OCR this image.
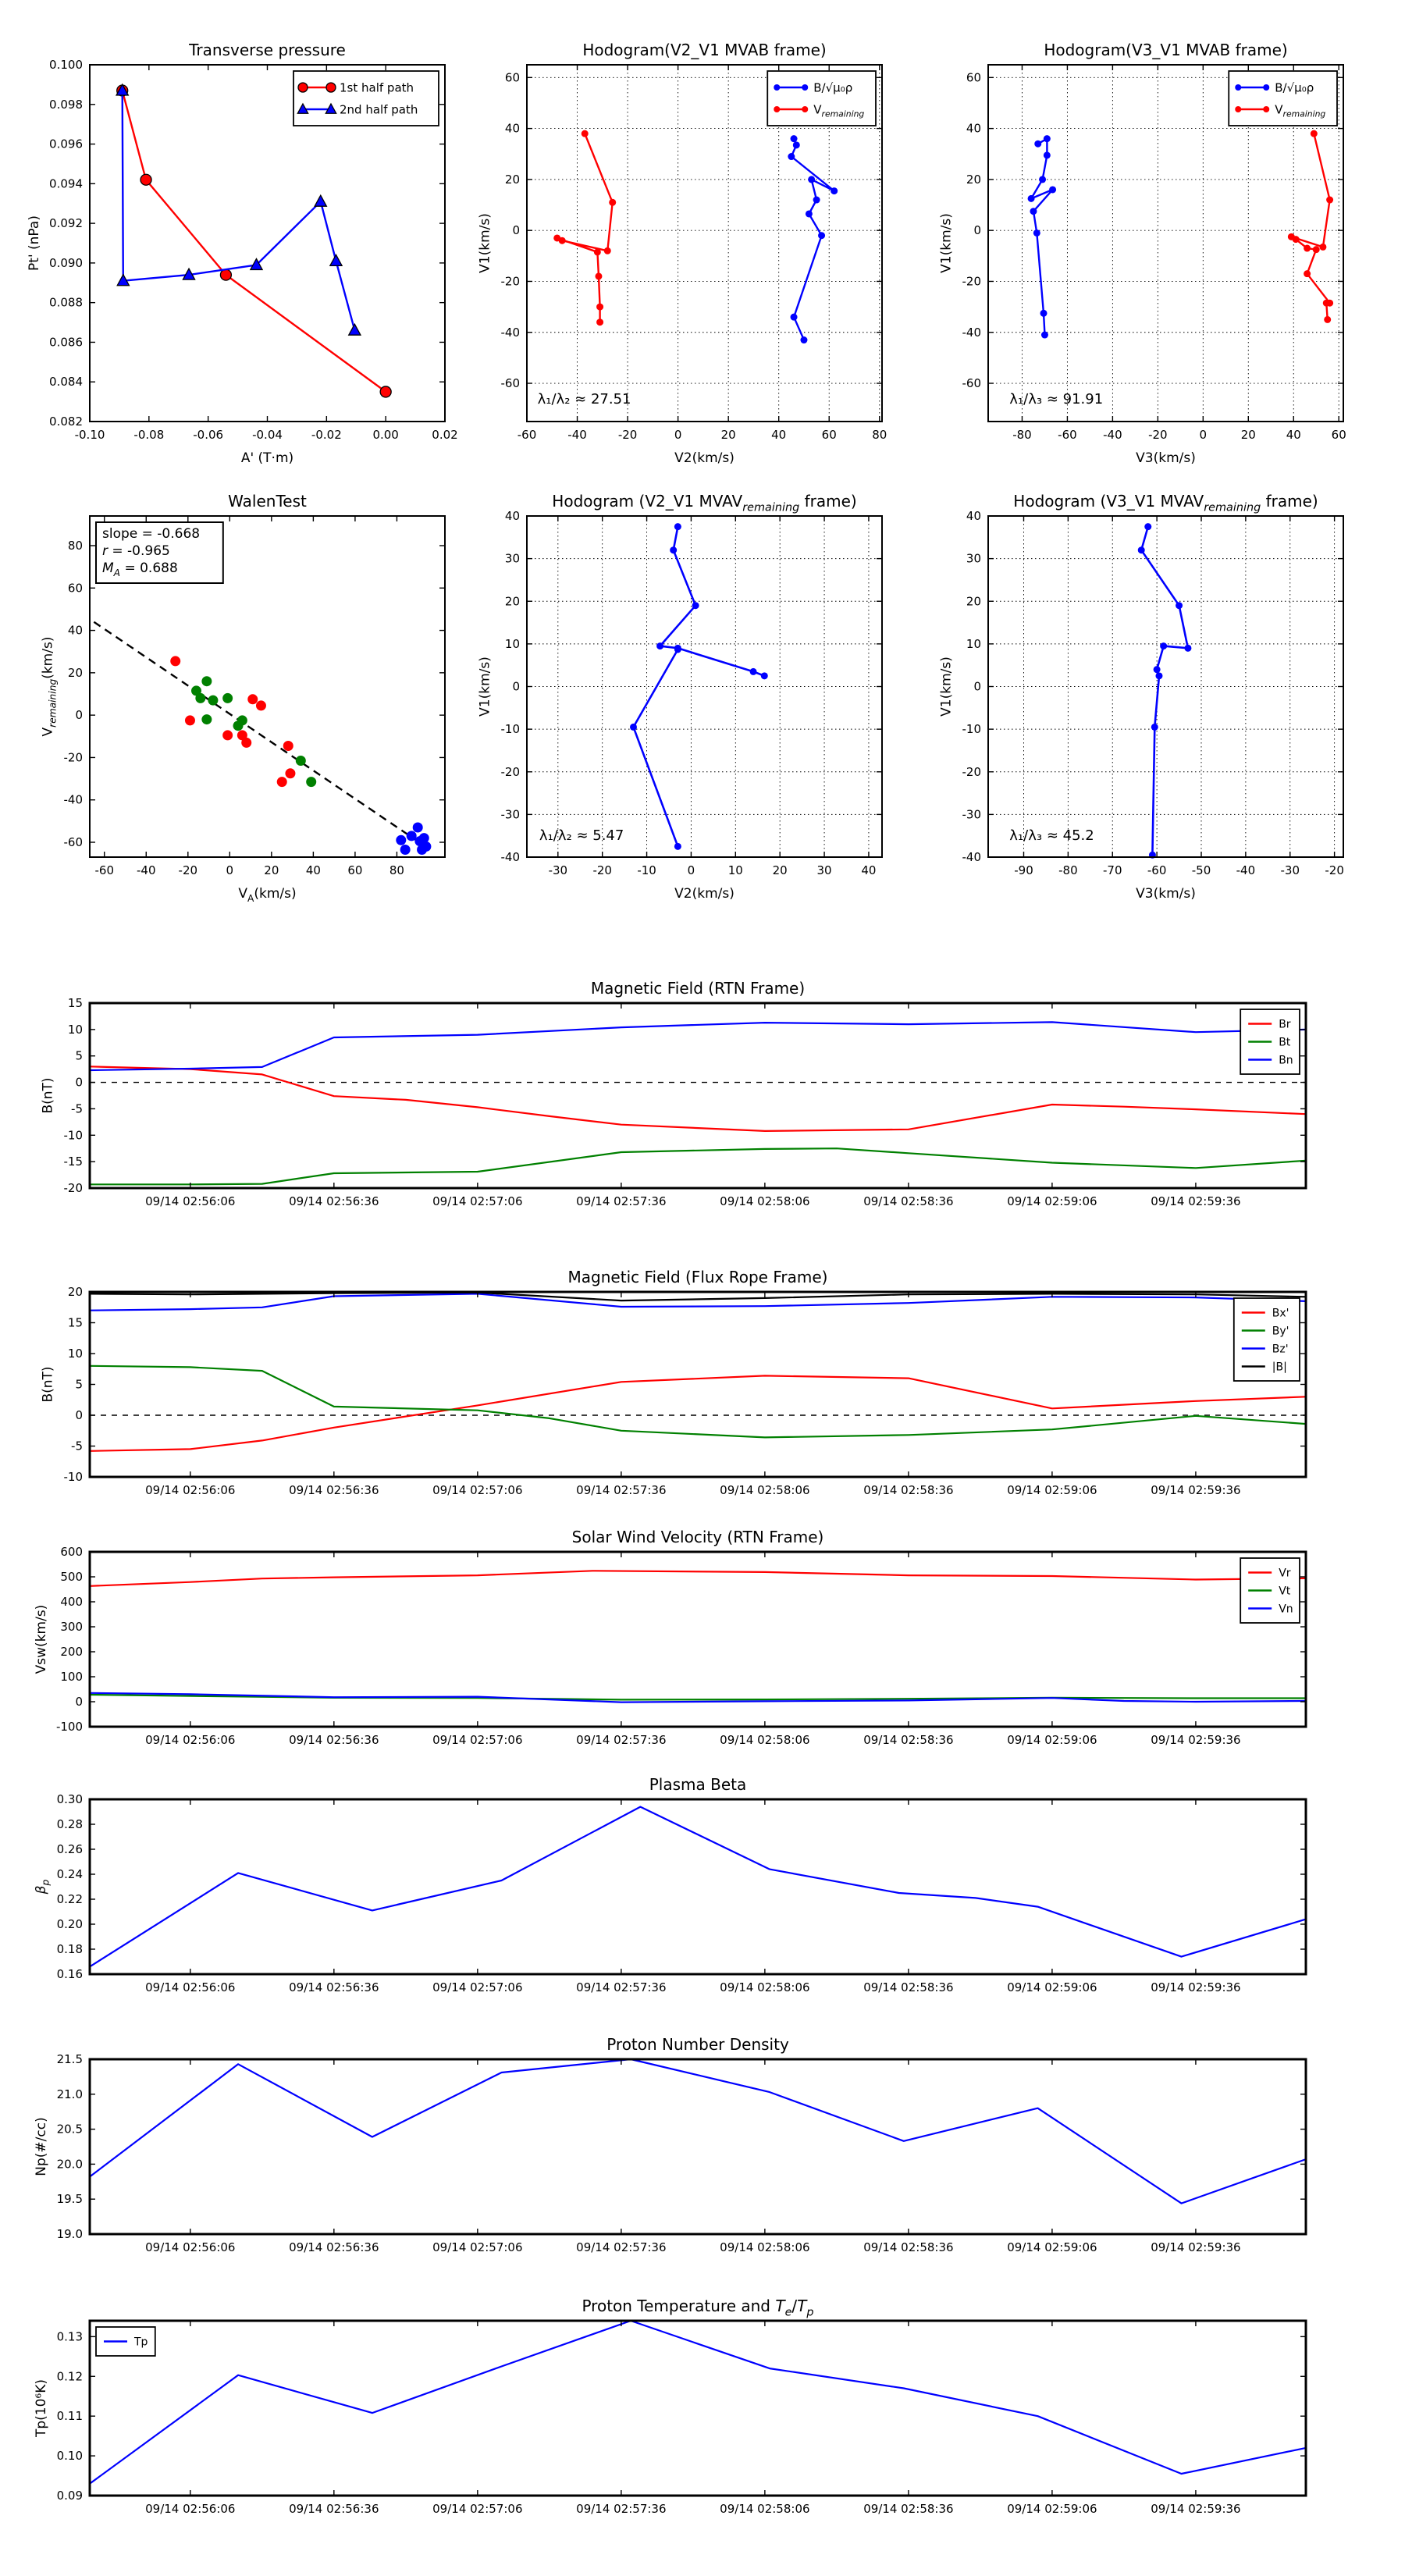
-0.10 -0.08 -0.06 -0.04 -0.02	0.00	0.02
0.100
0.098
0.096
0.094
0.092
0.090
0.088
0.086
0.084
0.082
Transverse pressure
A' (T·m)
Pt' (nPa)
1st half path
2nd half path
-60	-40	-20	0	20	40	60	80
-60
-40
-20
0
20
40
60
Hodogram(V2_V1 MVAB frame)
V2(km/s)
V1(km/s)
λ₁/λ₂ ≈ 27.51
B/√μ₀ρ
$V_{remaining}$
-80 -60 -40 -20	0	20	40	60
-60
-40
-20
0
20
40
60
Hodogram(V3_V1 MVAB frame)
V3(km/s)
V1(km/s)
λ₁/λ₃ ≈ 91.91
B/√μ₀ρ
$V_{remaining}$
-60 -40 -20 0	20 40 60 80
-60
-40
-20
0
20
40
60
80
WalenTest
$V_A(km/s)$
$V_{remaining}(km/s)$
slope = -0.668
r = -0.965
$M_A = 0.688$
-30 -20 -10	0	10	20	30	40
-40
-30
-20
-10
0
10
20
30
40
Hodogram (V2_V1 $MVAV_{remaining}$ frame)
V2(km/s)
V1(km/s)
λ₁/λ₂ ≈ 5.47
-90 -80 -70 -60 -50 -40 -30 -20
-40
-30
-20
-10
0
10
20
30
40
Hodogram (V3_V1 $MVAV_{remaining}$ frame)
V3(km/s)
V1(km/s)
λ₁/λ₃ ≈ 45.2
09/14 02:56:06	09/14 02:56:36	09/14 02:57:06	09/14 02:57:36	09/14 02:58:06	09/14 02:58:36	09/14 02:59:06	09/14 02:59:36
15
10
5
0
-5
-10
-15
-20
Magnetic Field (RTN Frame)
B(nT)
Br
Bt
Bn
09/14 02:56:06	09/14 02:56:36	09/14 02:57:06	09/14 02:57:36	09/14 02:58:06	09/14 02:58:36	09/14 02:59:06	09/14 02:59:36
20
15
10
5
0
-5
-10
Magnetic Field (Flux Rope Frame)
B(nT)
Bx'
By'
Bz'
|B|
09/14 02:56:06	09/14 02:56:36	09/14 02:57:06	09/14 02:57:36	09/14 02:58:06	09/14 02:58:36	09/14 02:59:06	09/14 02:59:36
600
500
400
300
200
100
0
-100
Solar Wind Velocity (RTN Frame)
Vsw(km/s)
Vr
Vt
Vn
09/14 02:56:06	09/14 02:56:36	09/14 02:57:06	09/14 02:57:36	09/14 02:58:06	09/14 02:58:36	09/14 02:59:06	09/14 02:59:36
0.30
0.28
0.26
0.24
0.22
0.20
0.18
0.16
Plasma Beta
$\beta_p$
09/14 02:56:06	09/14 02:56:36	09/14 02:57:06	09/14 02:57:36	09/14 02:58:06	09/14 02:58:36	09/14 02:59:06	09/14 02:59:36
21.5
21.0
20.5
20.0
19.5
19.0
Proton Number Density
Np(#/cc)
09/14 02:56:06	09/14 02:56:36	09/14 02:57:06	09/14 02:57:36	09/14 02:58:06	09/14 02:58:36	09/14 02:59:06	09/14 02:59:36
0.13
0.12
0.11
0.10
0.09
Proton Temperature and $T_e/T_p$
Tp(10⁶K)
Tp
